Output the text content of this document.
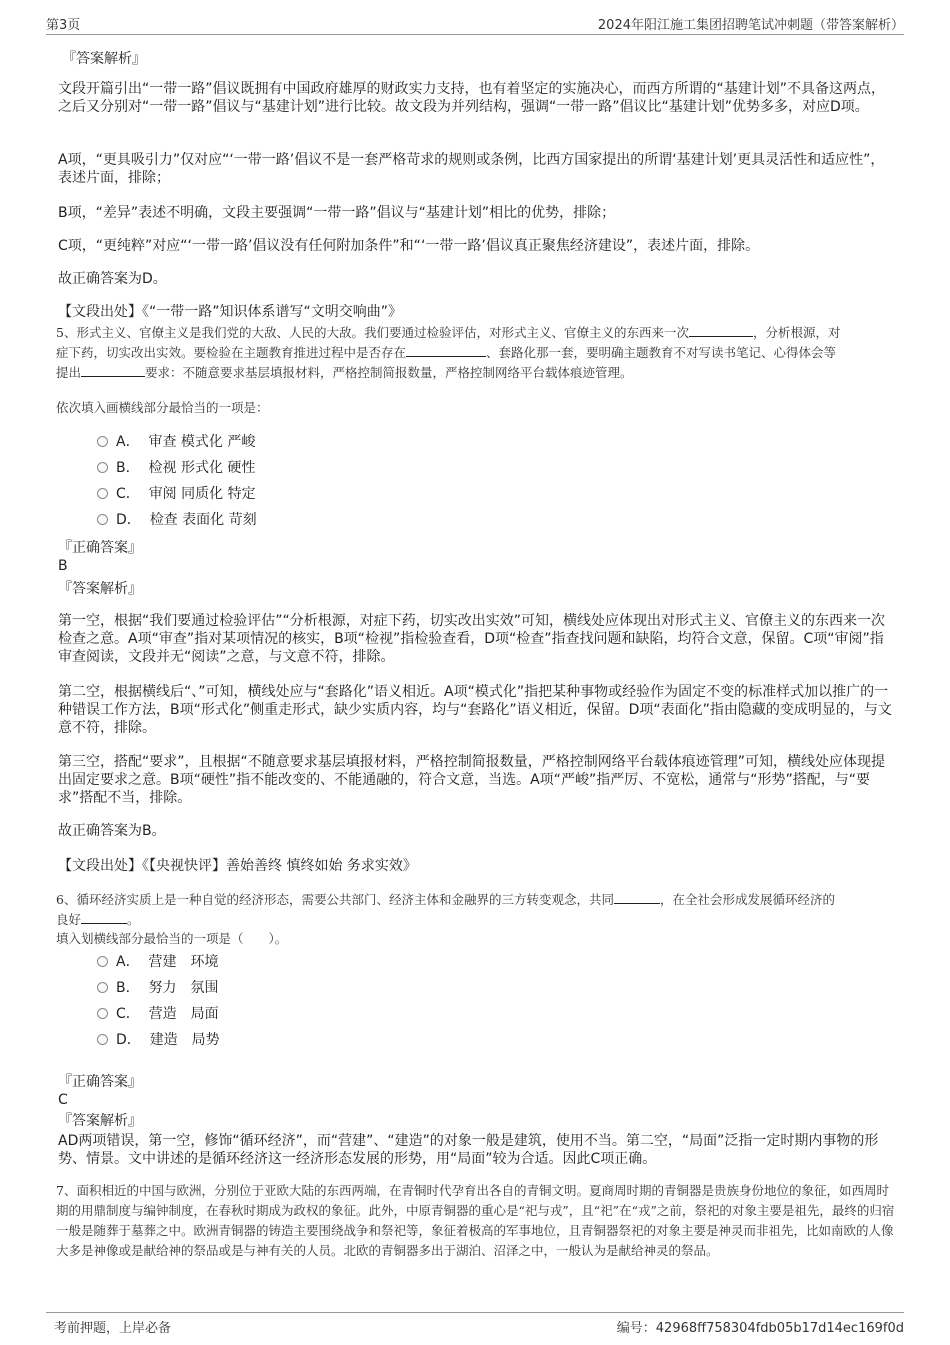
第3页	2024年阳江施工集团招聘笔试冲刺题（带答案解析）
『答案解析』
文段开篇引出“一带一路”倡议既拥有中国政府雄厚的财政实力支持，也有着坚定的实施决心，而西方所谓的“基建计划”不具备这两点，之后又分别对“一带一路”倡议与“基建计划”进行比较。故文段为并列结构，强调“一带一路”倡议比“基建计划”优势多多，对应D项。
A项，“更具吸引力”仅对应“‘一带一路’倡议不是一套严格苛求的规则或条例，比西方国家提出的所谓‘基建计划’更具灵活性和适应性”，表述片面，排除；
B项，“差异”表述不明确，文段主要强调“一带一路”倡议与“基建计划”相比的优势，排除；
C项，“更纯粹”对应“‘一带一路’倡议没有任何附加条件”和“‘一带一路’倡议真正聚焦经济建设”，表述片面，排除。
故正确答案为D。
【文段出处】《“一带一路”知识体系谱写“文明交响曲”》
5、形式主义、官僚主义是我们党的大敌、人民的大敌。我们要通过检验评估，对形式主义、官僚主义的东西来一次	，分析根源，对
症下药，切实改出实效。要检验在主题教育推进过程中是否存在	、套路化那一套，要明确主题教育不对写读书笔记、心得体会等
提出	要求：不随意要求基层填报材料，严格控制简报数量，严格控制网络平台载体痕迹管理。
依次填入画横线部分最恰当的一项是：
A． 审查 模式化 严峻
B． 检视 形式化 硬性
C． 审阅 同质化 特定
D． 检查 表面化 苛刻
『正确答案』
B
『答案解析』
第一空，根据“我们要通过检验评估”“分析根源，对症下药，切实改出实效”可知，横线处应体现出对形式主义、官僚主义的东西来一次检查之意。A项“审查”指对某项情况的核实，B项“检视”指检验查看，D项“检查”指查找问题和缺陷，均符合文意，保留。C项“审阅”指审查阅读，文段并无“阅读”之意，与文意不符，排除。
第二空，根据横线后“、”可知，横线处应与“套路化”语义相近。A项“模式化”指把某种事物或经验作为固定不变的标准样式加以推广的一种错误工作方法，B项“形式化”侧重走形式，缺少实质内容，均与“套路化”语义相近，保留。D项“表面化”指由隐藏的变成明显的，与文意不符，排除。
第三空，搭配“要求”，且根据“不随意要求基层填报材料，严格控制简报数量，严格控制网络平台载体痕迹管理”可知，横线处应体现提出固定要求之意。B项“硬性”指不能改变的、不能通融的，符合文意，当选。A项“严峻”指严厉、不宽松，通常与“形势”搭配，与“要求”搭配不当，排除。
故正确答案为B。
【文段出处】《【央视快评】善始善终 慎终如始 务求实效》
6、循环经济实质上是一种自觉的经济形态，需要公共部门、经济主体和金融界的三方转变观念，共同	，在全社会形成发展循环经济的
良好	。
填入划横线部分最恰当的一项是（　　）。
A． 营建　环境
B． 努力　氛围
C． 营造　局面
D． 建造　局势
『正确答案』
C
『答案解析』
AD两项错误，第一空，修饰“循环经济”，而“营建”、“建造”的对象一般是建筑，使用不当。第二空，“局面”泛指一定时期内事物的形势、情景。文中讲述的是循环经济这一经济形态发展的形势，用“局面”较为合适。因此C项正确。
7、面积相近的中国与欧洲，分别位于亚欧大陆的东西两端，在青铜时代孕育出各自的青铜文明。夏商周时期的青铜器是贵族身份地位的象征，如西周时期的用鼎制度与编钟制度，在春秋时期成为政权的象征。此外，中原青铜器的重心是“祀与戎”，且“祀”在“戎”之前，祭祀的对象主要是祖先，最终的归宿一般是随葬于墓葬之中。欧洲青铜器的铸造主要围绕战争和祭祀等，象征着极高的军事地位，且青铜器祭祀的对象主要是神灵而非祖先，比如南欧的人像大多是神像或是献给神的祭品或是与神有关的人员。北欧的青铜器多出于湖泊、沼泽之中，一般认为是献给神灵的祭品。
考前押题，上岸必备	编号：42968ff758304fdb05b17d14ec169f0d
